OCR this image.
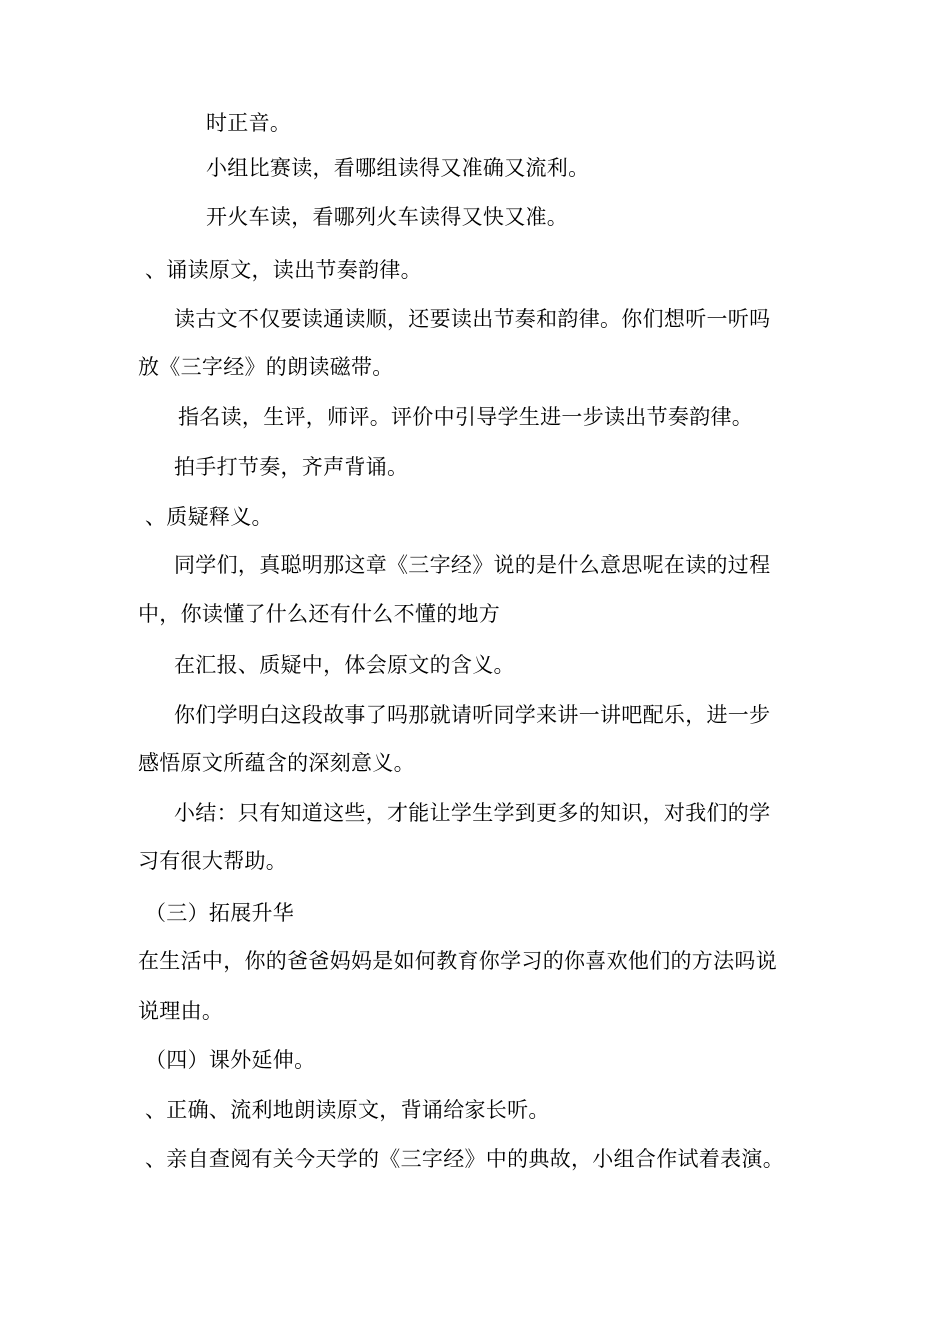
时正音。
小组比赛读，看哪组读得又准确又流利。
开火车读，看哪列火车读得又快又准。
、诵读原文，读出节奏韵律。
读古文不仅要读通读顺，还要读出节奏和韵律。你们想听一听吗
放《三字经》的朗读磁带。
指名读，生评，师评。评价中引导学生进一步读出节奏韵律。
拍手打节奏，齐声背诵。
、质疑释义。
同学们，真聪明那这章《三字经》说的是什么意思呢在读的过程
中，你读懂了什么还有什么不懂的地方
在汇报、质疑中，体会原文的含义。
你们学明白这段故事了吗那就请听同学来讲一讲吧配乐，进一步
感悟原文所蕴含的深刻意义。
小结：只有知道这些，才能让学生学到更多的知识，对我们的学
习有很大帮助。
（三）拓展升华
在生活中，你的爸爸妈妈是如何教育你学习的你喜欢他们的方法吗说
说理由。
（四）课外延伸。
、正确、流利地朗读原文，背诵给家长听。
、亲自查阅有关今天学的《三字经》中的典故，小组合作试着表演。
